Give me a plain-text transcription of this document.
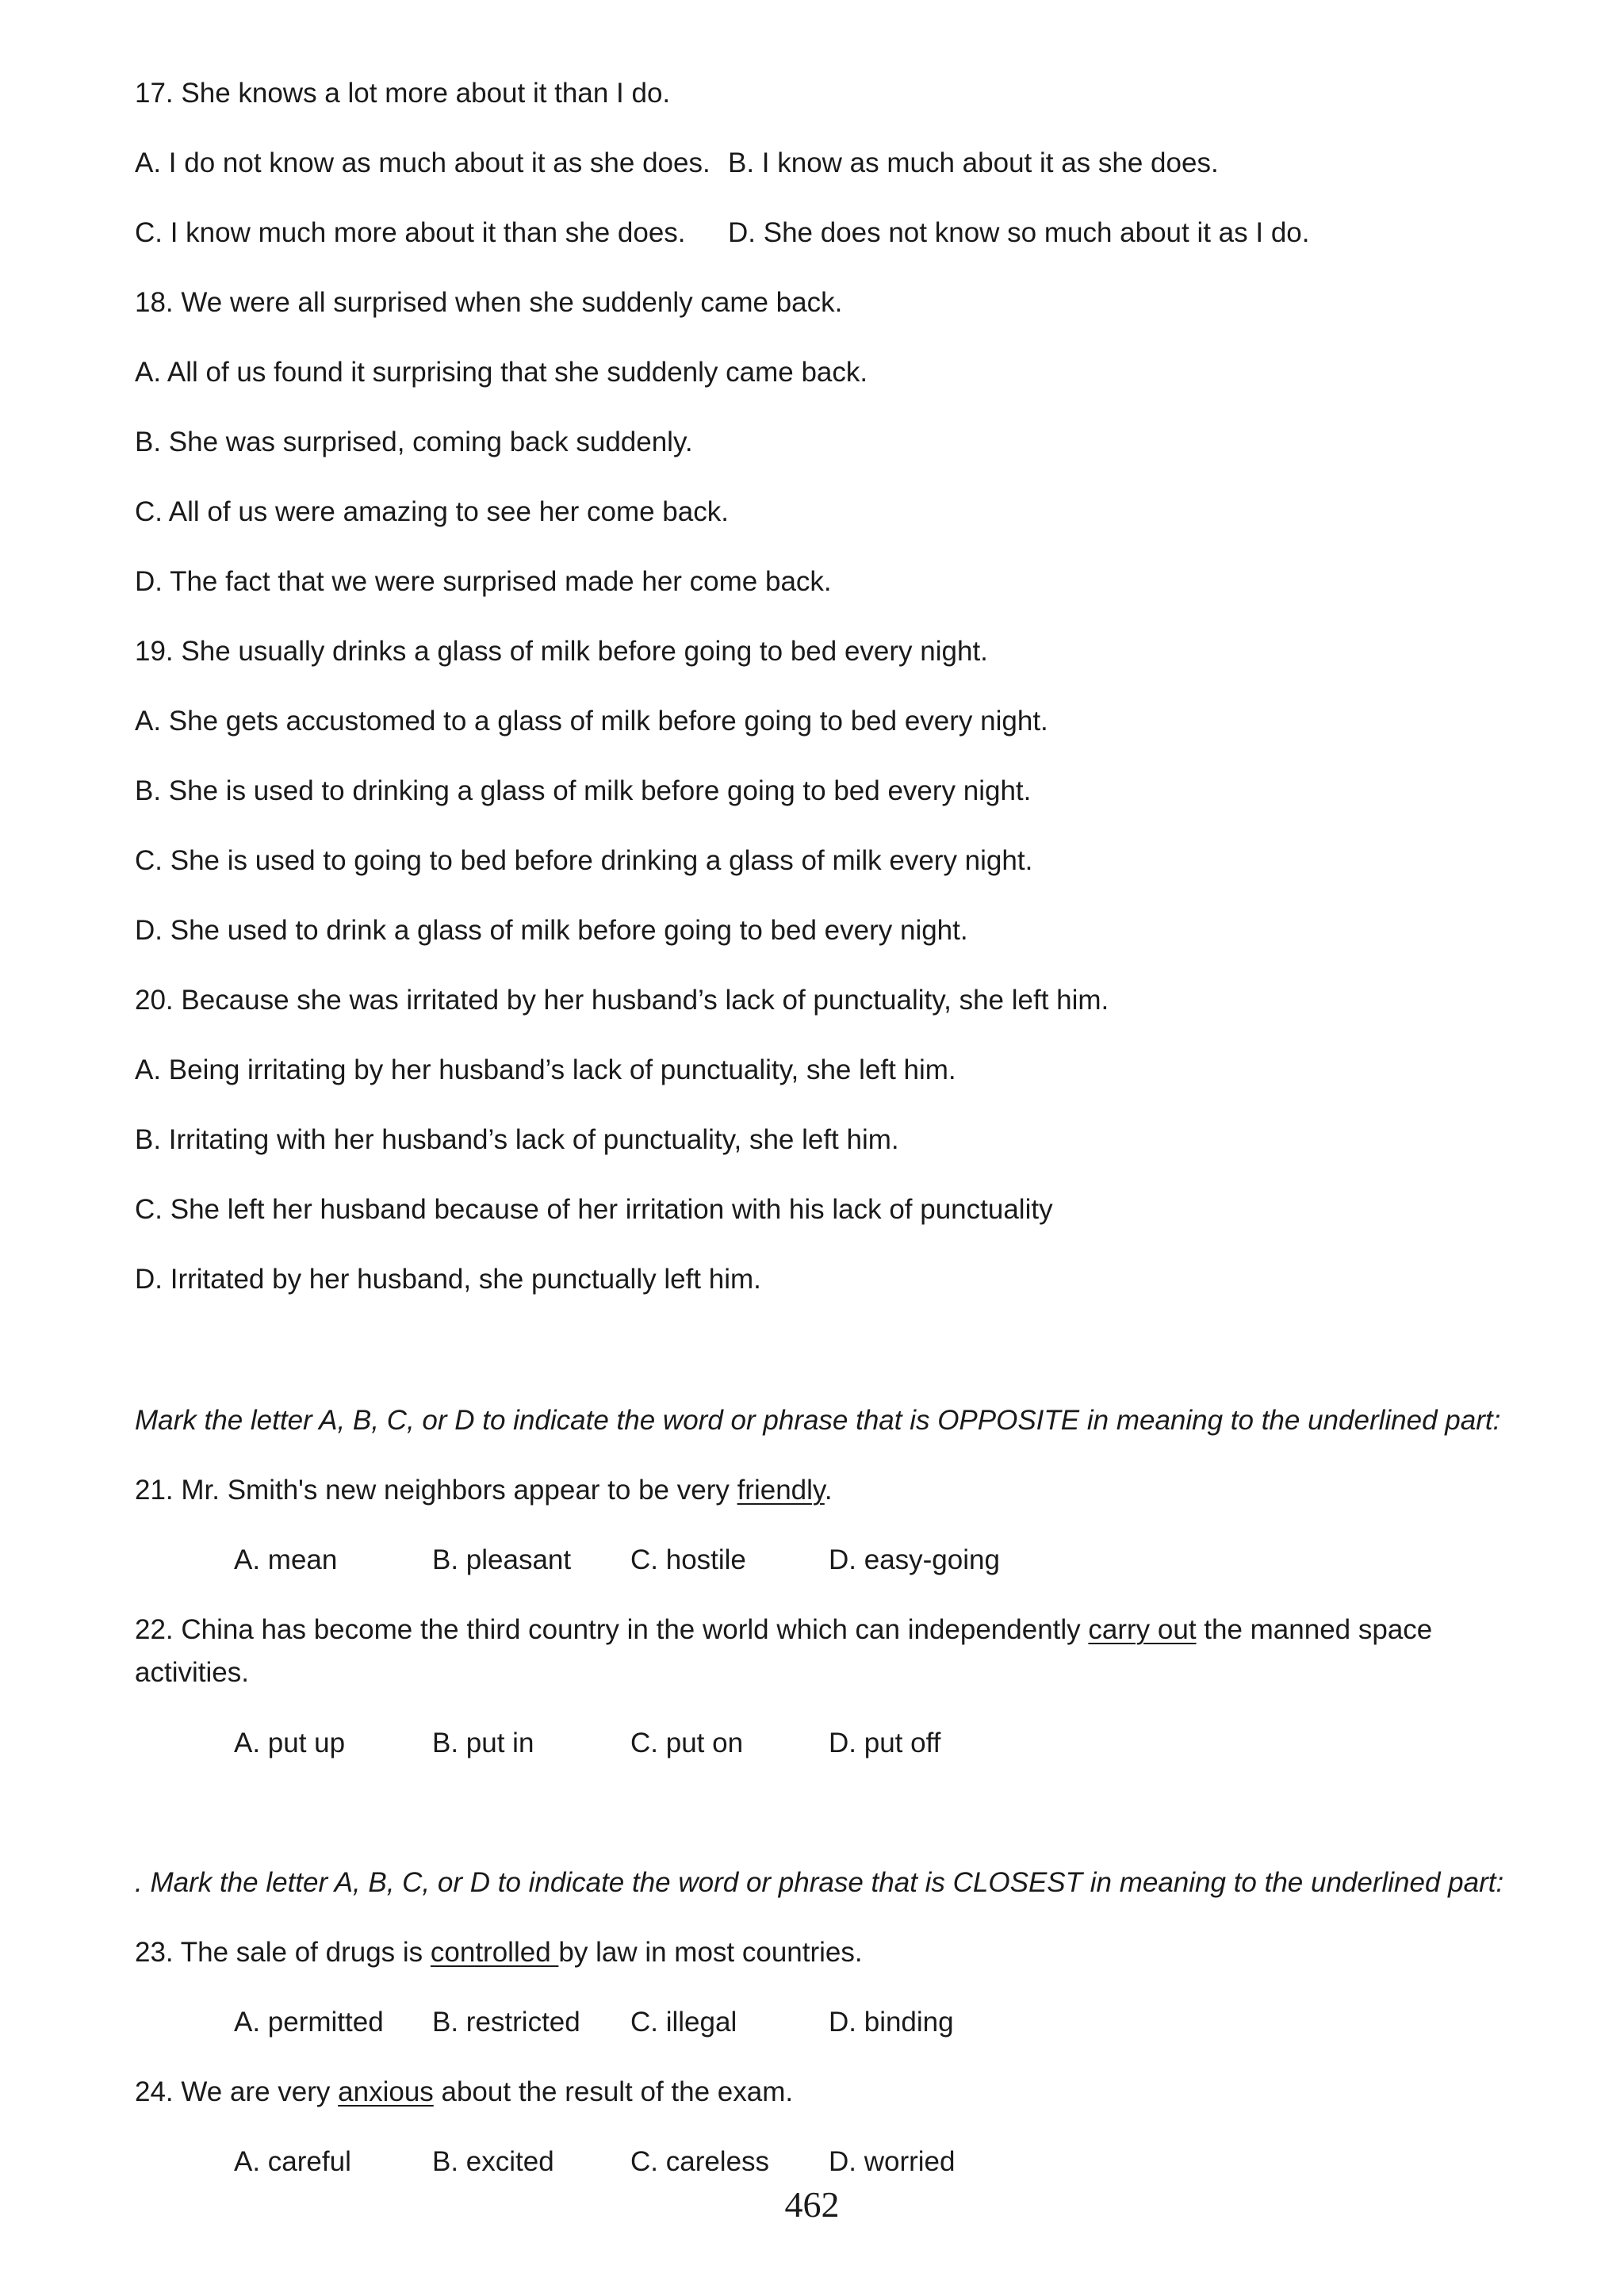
17. She knows a lot more about it than I do.
A. I do not know as much about it as she does. B. I know as much about it as she does.
C. I know much more about it than she does. D. She does not know so much about it as I do.
18. We were all surprised when she suddenly came back.
A. All of us found it surprising that she suddenly came back.
B. She was surprised, coming back suddenly.
C. All of us were amazing to see her come back.
D. The fact that we were surprised made her come back.
19. She usually drinks a glass of milk before going to bed every night.
A. She gets accustomed to a glass of milk before going to bed every night.
B. She is used to drinking a glass of milk before going to bed every night.
C. She is used to going to bed before drinking a glass of milk every night.
D. She used to drink a glass of milk before going to bed every night.
20. Because she was irritated by her husband’s lack of punctuality, she left him.
A. Being irritating by her husband’s lack of punctuality, she left him.
B. Irritating with her husband’s lack of punctuality, she left him.
C. She left her husband because of her irritation with his lack of punctuality
D. Irritated by her husband, she punctually left him.
Mark the letter A, B, C, or D to indicate the word or phrase that is OPPOSITE in meaning to the underlined part:
21. Mr. Smith's new neighbors appear to be very friendly.
A. mean	B. pleasant C. hostile	D. easy-going
22. China has become the third country in the world which can independently carry out the manned space activities.
A. put up	B. put in	C. put on	D. put off
. Mark the letter A, B, C, or D to indicate the word or phrase that is CLOSEST in meaning to the underlined part:
23. The sale of drugs is controlled by law in most countries.
A. permitted B. restricted C. illegal	D. binding
24. We are very anxious about the result of the exam.
A. careful	B. excited	C. careless D. worried
462
